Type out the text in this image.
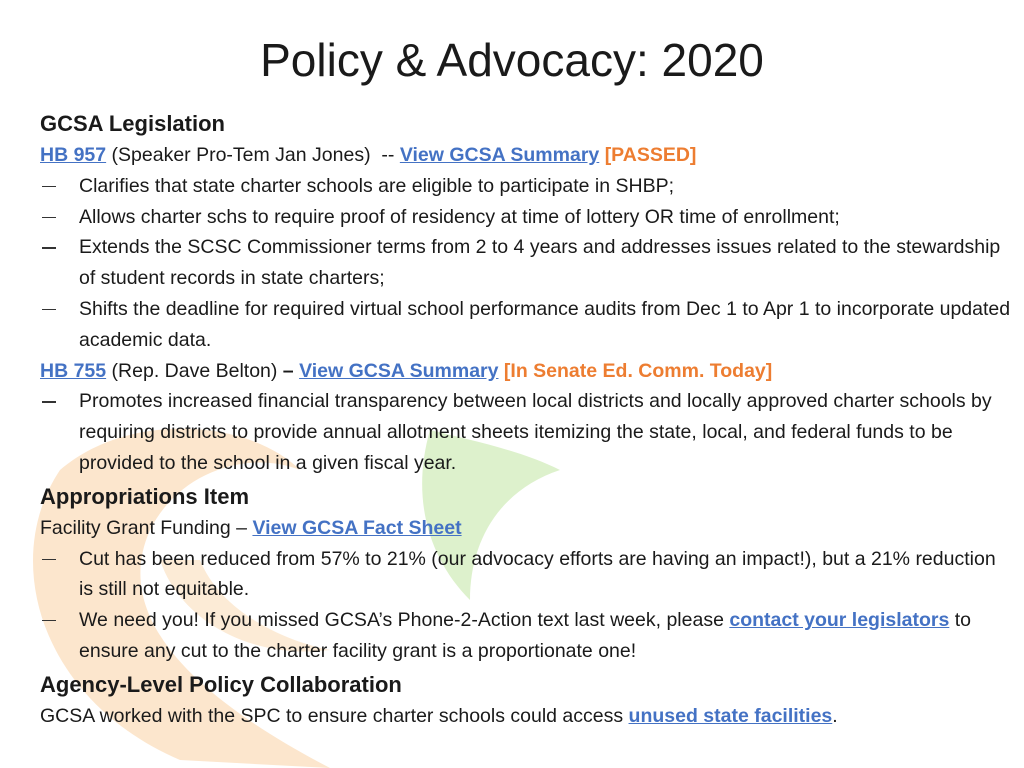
Policy & Advocacy: 2020
GCSA Legislation
HB 957 (Speaker Pro-Tem Jan Jones) -- View GCSA Summary [PASSED]
Clarifies that state charter schools are eligible to participate in SHBP;
Allows charter schs to require proof of residency at time of lottery OR time of enrollment;
Extends the SCSC Commissioner terms from 2 to 4 years and addresses issues related to the stewardship of student records in state charters;
Shifts the deadline for required virtual school performance audits from Dec 1 to Apr 1 to incorporate updated academic data.
HB 755 (Rep. Dave Belton) – View GCSA Summary [In Senate Ed. Comm. Today]
Promotes increased financial transparency between local districts and locally approved charter schools by requiring districts to provide annual allotment sheets itemizing the state, local, and federal funds to be provided to the school in a given fiscal year.
Appropriations Item
Facility Grant Funding – View GCSA Fact Sheet
Cut has been reduced from 57% to 21% (our advocacy efforts are having an impact!), but a 21% reduction is still not equitable.
We need you! If you missed GCSA’s Phone-2-Action text last week, please contact your legislators to ensure any cut to the charter facility grant is a proportionate one!
Agency-Level Policy Collaboration
GCSA worked with the SPC to ensure charter schools could access unused state facilities.
